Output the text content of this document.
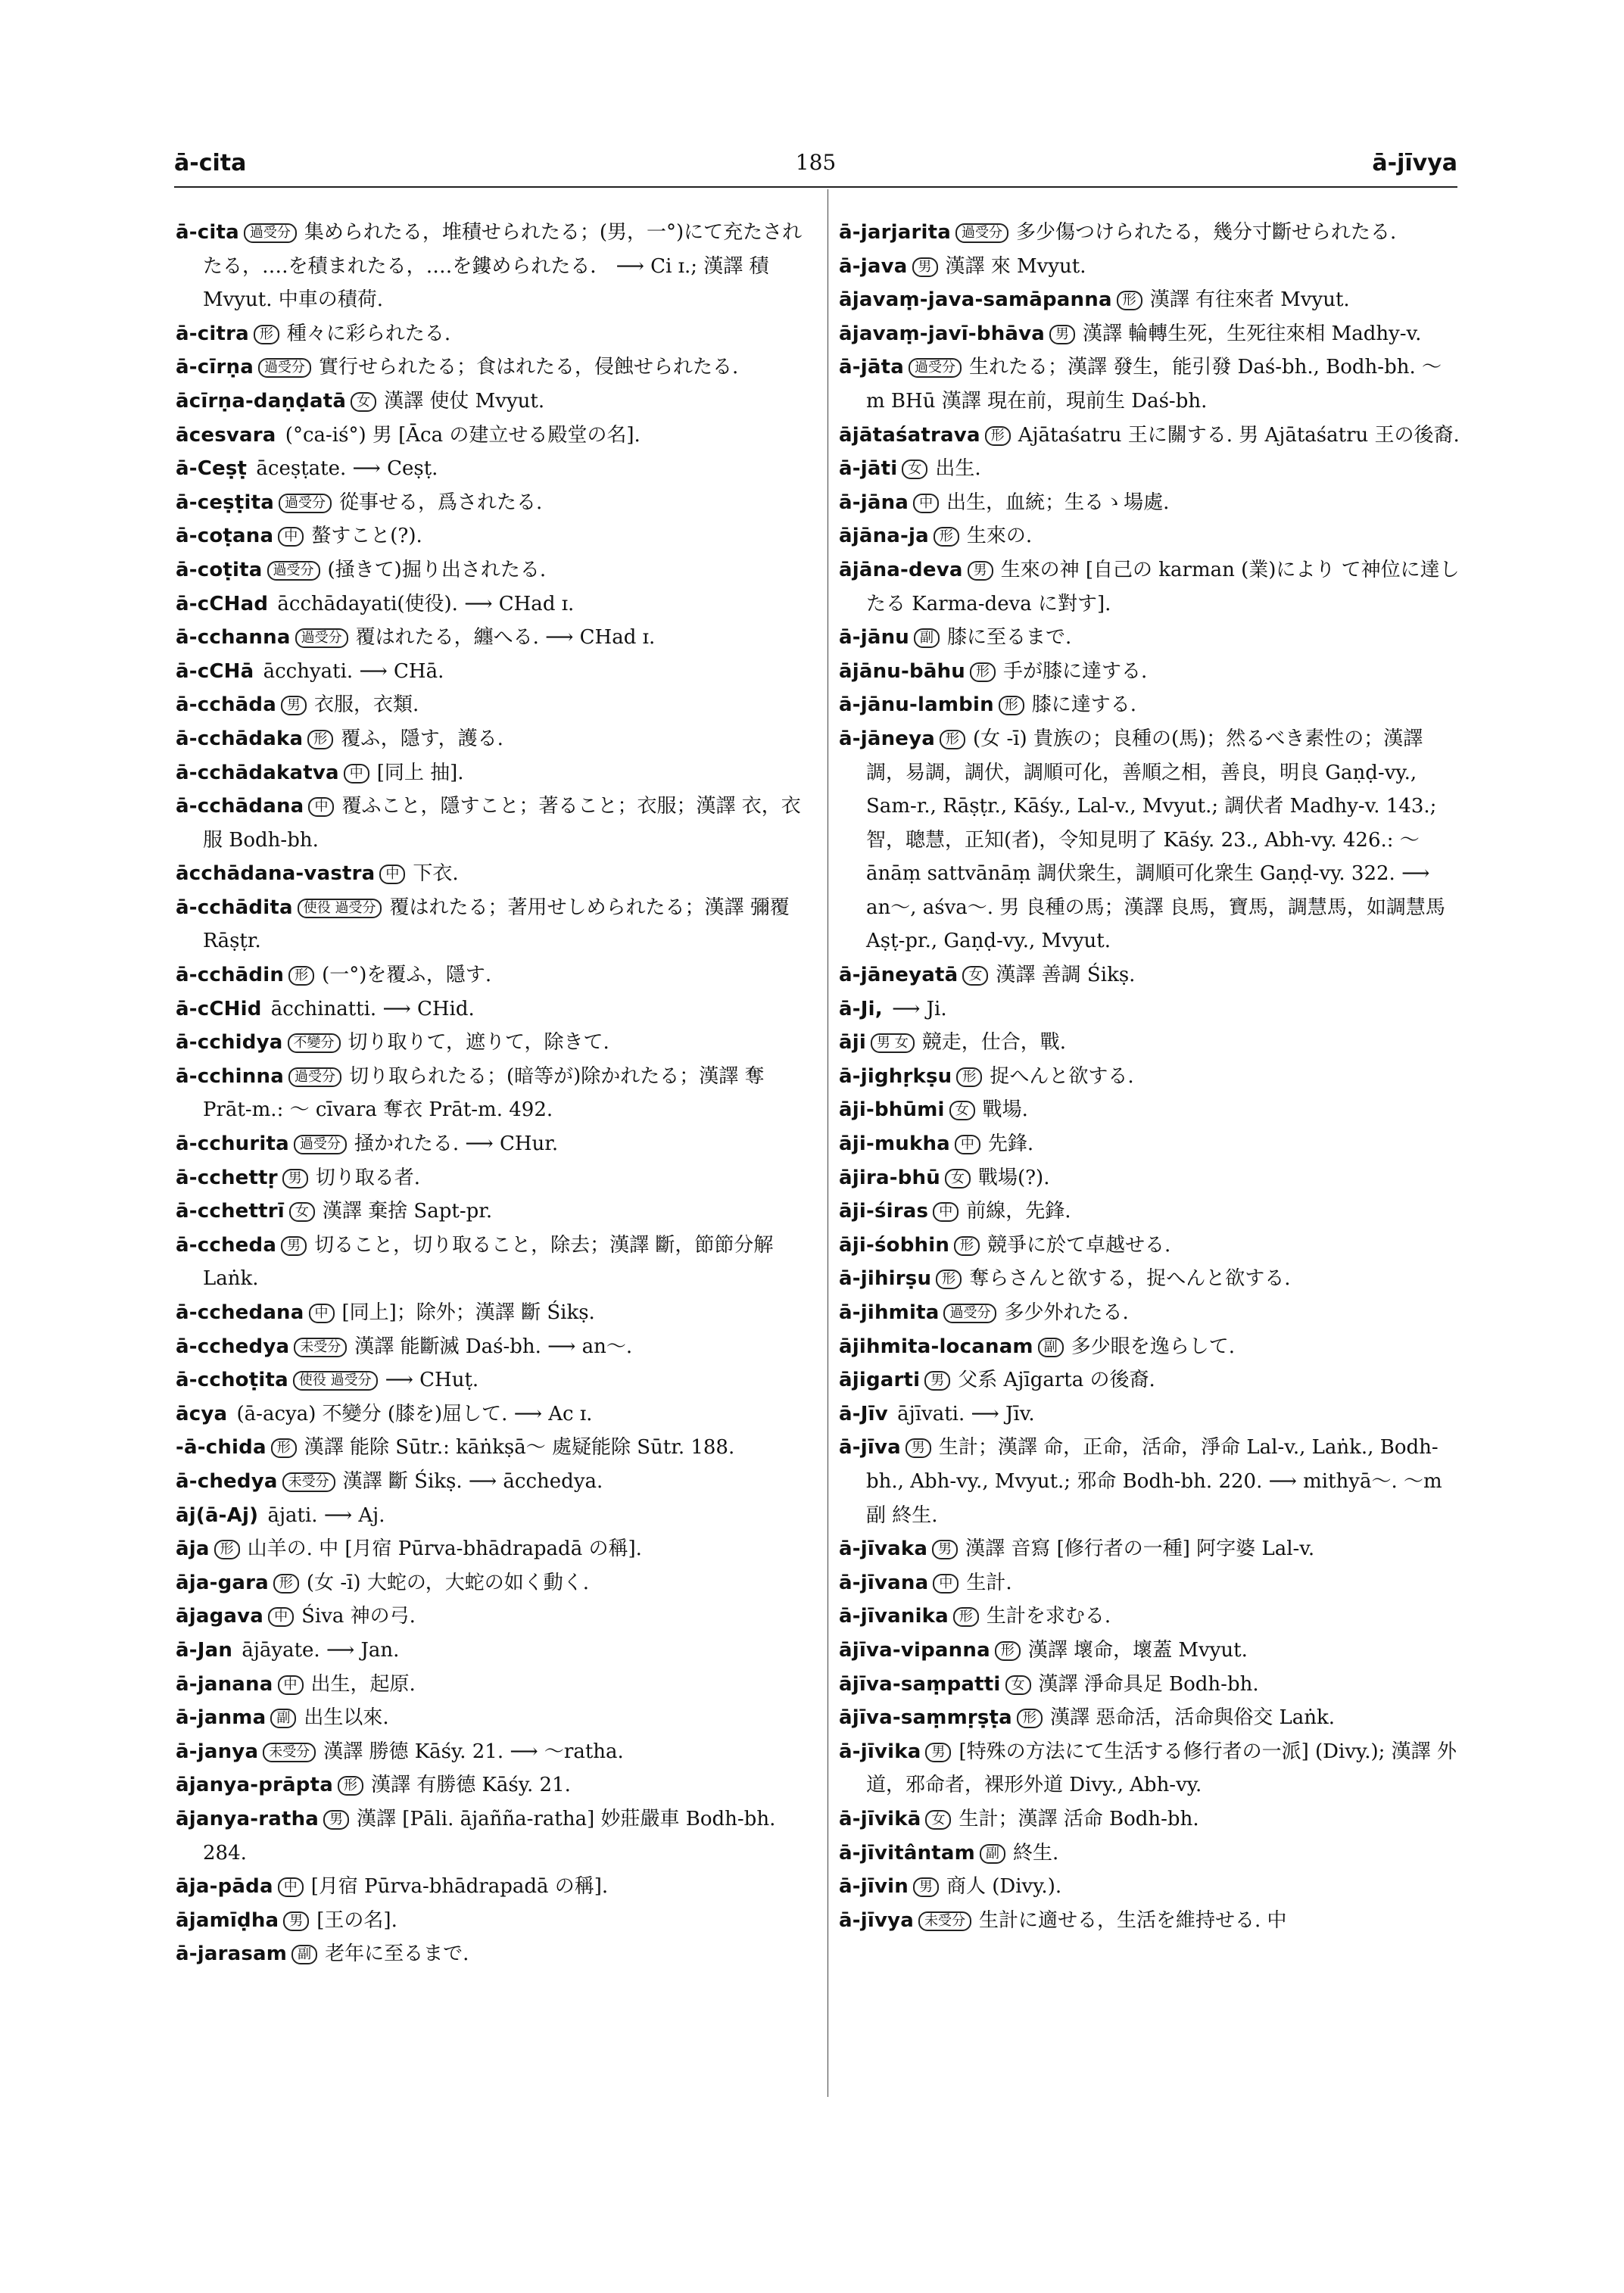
ā-cita	185	ā-jīvya

ā-cita 過受分 集められたる，堆積せられたる；(男，一°)にて充たされたる，‥‥を積まれたる，‥‥を鏤められたる． ⟶ Ci ɪ.; 漢譯 積 Mvyut. 中車の積荷.

ā-citra 形 種々に彩られたる.

ā-cīrṇa 過受分 實行せられたる；食はれたる，侵蝕せられたる.

ācīrṇa-daṇḍatā 女 漢譯 使仗 Mvyut.

ācesvara (°ca-iś°) 男 [Āca の建立せる殿堂の名].

ā-Ceṣṭ āceṣṭate. ⟶ Ceṣṭ.

ā-ceṣṭita 過受分 從事せる，爲されたる.

ā-coṭana 中 螯すこと(?).

ā-coṭita 過受分 (掻きて)掘り出されたる.

ā-cCHad ācchādayati(使役). ⟶ CHad ɪ.

ā-cchanna 過受分 覆はれたる，纏へる. ⟶ CHad ɪ.

ā-cCHā ācchyati. ⟶ CHā.

ā-cchāda 男 衣服，衣類.

ā-cchādaka 形 覆ふ，隱す，護る.

ā-cchādakatva 中 [同上 抽].

ā-cchādana 中 覆ふこと，隱すこと；著ること；衣服；漢譯 衣，衣服 Bodh-bh.

ācchādana-vastra 中 下衣.

ā-cchādita 使役 過受分 覆はれたる；著用せしめられたる；漢譯 彌覆 Rāṣṭr.

ā-cchādin 形 (一°)を覆ふ，隱す.

ā-cCHid ācchinatti. ⟶ CHid.

ā-cchidya 不變分 切り取りて，遮りて，除きて.

ā-cchinna 過受分 切り取られたる；(暗等が)除かれたる；漢譯 奪 Prāt-m.: 〜 cīvara 奪衣 Prāt-m. 492.

ā-cchurita 過受分 掻かれたる. ⟶ CHur.

ā-cchettṛ 男 切り取る者.

ā-cchettrī 女 漢譯 棄捨 Sapt-pr.

ā-ccheda 男 切ること，切り取ること，除去；漢譯 斷，節節分解 Laṅk.

ā-cchedana 中 [同上]；除外；漢譯 斷 Śikṣ.

ā-cchedya 未受分 漢譯 能斷滅 Daś-bh. ⟶ an〜.

ā-cchoṭita 使役 過受分 ⟶ CHuṭ.

ācya (ā-acya) 不變分 (膝を)屈して. ⟶ Ac ɪ.

-ā-chida 形 漢譯 能除 Sūtr.: kāṅkṣā〜 處疑能除 Sūtr. 188.

ā-chedya 未受分 漢譯 斷 Śikṣ. ⟶ ācchedya.

āj(ā-Aj) ājati. ⟶ Aj.

āja 形 山羊の. 中 [月宿 Pūrva-bhādrapadā の稱].

āja-gara 形 (女 -ī) 大蛇の，大蛇の如く動く.

ājagava 中 Śiva 神の弓.

ā-Jan ājāyate. ⟶ Jan.

ā-janana 中 出生，起原.

ā-janma 副 出生以來.

ā-janya 未受分 漢譯 勝德 Kāśy. 21. ⟶ 〜ratha.

ājanya-prāpta 形 漢譯 有勝德 Kāśy. 21.

ājanya-ratha 男 漢譯 [Pāli. ājañña-ratha] 妙莊嚴車 Bodh-bh. 284.

āja-pāda 中 [月宿 Pūrva-bhādrapadā の稱].

ājamīḍha 男 [王の名].

ā-jarasam 副 老年に至るまで.

ā-jarjarita 過受分 多少傷つけられたる，幾分寸斷せられたる.

ā-java 男 漢譯 來 Mvyut.

ājavaṃ-java-samāpanna 形 漢譯 有往來者 Mvyut.

ājavaṃ-javī-bhāva 男 漢譯 輪轉生死，生死往來相 Madhy-v.

ā-jāta 過受分 生れたる；漢譯 發生，能引發 Daś-bh., Bodh-bh. 〜m BHū 漢譯 現在前，現前生 Daś-bh.

ājātaśatrava 形 Ajātaśatru 王に關する. 男 Ajātaśatru 王の後裔.

ā-jāti 女 出生.

ā-jāna 中 出生，血統；生るゝ場處.

ājāna-ja 形 生來の.

ājāna-deva 男 生來の神 [自己の karman (業)により て神位に達したる Karma-deva に對す].

ā-jānu 副 膝に至るまで.

ājānu-bāhu 形 手が膝に達する.

ā-jānu-lambin 形 膝に達する.

ā-jāneya 形 (女 -ī) 貴族の；良種の(馬)；然るべき素性の；漢譯 調，易調，調伏，調順可化，善順之相，善良，明良 Gaṇḍ-vy., Sam-r., Rāṣṭr., Kāśy., Lal-v., Mvyut.; 調伏者 Madhy-v. 143.; 智，聰慧，正知(者)，令知見明了 Kāśy. 23., Abh-vy. 426.: 〜ānāṃ sattvānāṃ 調伏衆生，調順可化衆生 Gaṇḍ-vy. 322. ⟶ an〜, aśva〜. 男 良種の馬；漢譯 良馬，寶馬，調慧馬，如調慧馬 Aṣṭ-pr., Gaṇḍ-vy., Mvyut.

ā-jāneyatā 女 漢譯 善調 Śikṣ.

ā-Ji, ⟶ Ji.

āji 男 女 競走，仕合，戰.

ā-jighṛkṣu 形 捉へんと欲する.

āji-bhūmi 女 戰場.

āji-mukha 中 先鋒.

ājira-bhū 女 戰場(?).

āji-śiras 中 前線，先鋒.

āji-śobhin 形 競爭に於て卓越せる.

ā-jihirṣu 形 奪らさんと欲する，捉へんと欲する.

ā-jihmita 過受分 多少外れたる.

ājihmita-locanam 副 多少眼を逸らして.

ājigarti 男 父系 Ajīgarta の後裔.

ā-Jīv ājīvati. ⟶ Jīv.

ā-jīva 男 生計；漢譯 命，正命，活命，淨命 Lal-v., Laṅk., Bodh-bh., Abh-vy., Mvyut.; 邪命 Bodh-bh. 220. ⟶ mithyā〜. 〜m 副 終生.

ā-jīvaka 男 漢譯 音寫 [修行者の一種] 阿字婆 Lal-v.

ā-jīvana 中 生計.

ā-jīvanika 形 生計を求むる.

ājīva-vipanna 形 漢譯 壞命，壞蓋 Mvyut.

ājīva-saṃpatti 女 漢譯 淨命具足 Bodh-bh.

ājīva-saṃmṛṣṭa 形 漢譯 惡命活，活命與俗交 Laṅk.

ā-jīvika 男 [特殊の方法にて生活する修行者の一派] (Divy.); 漢譯 外道，邪命者，裸形外道 Divy., Abh-vy.

ā-jīvikā 女 生計；漢譯 活命 Bodh-bh.

ā-jīvitântam 副 終生.

ā-jīvin 男 商人 (Divy.).

ā-jīvya 未受分 生計に適せる，生活を維持せる. 中
